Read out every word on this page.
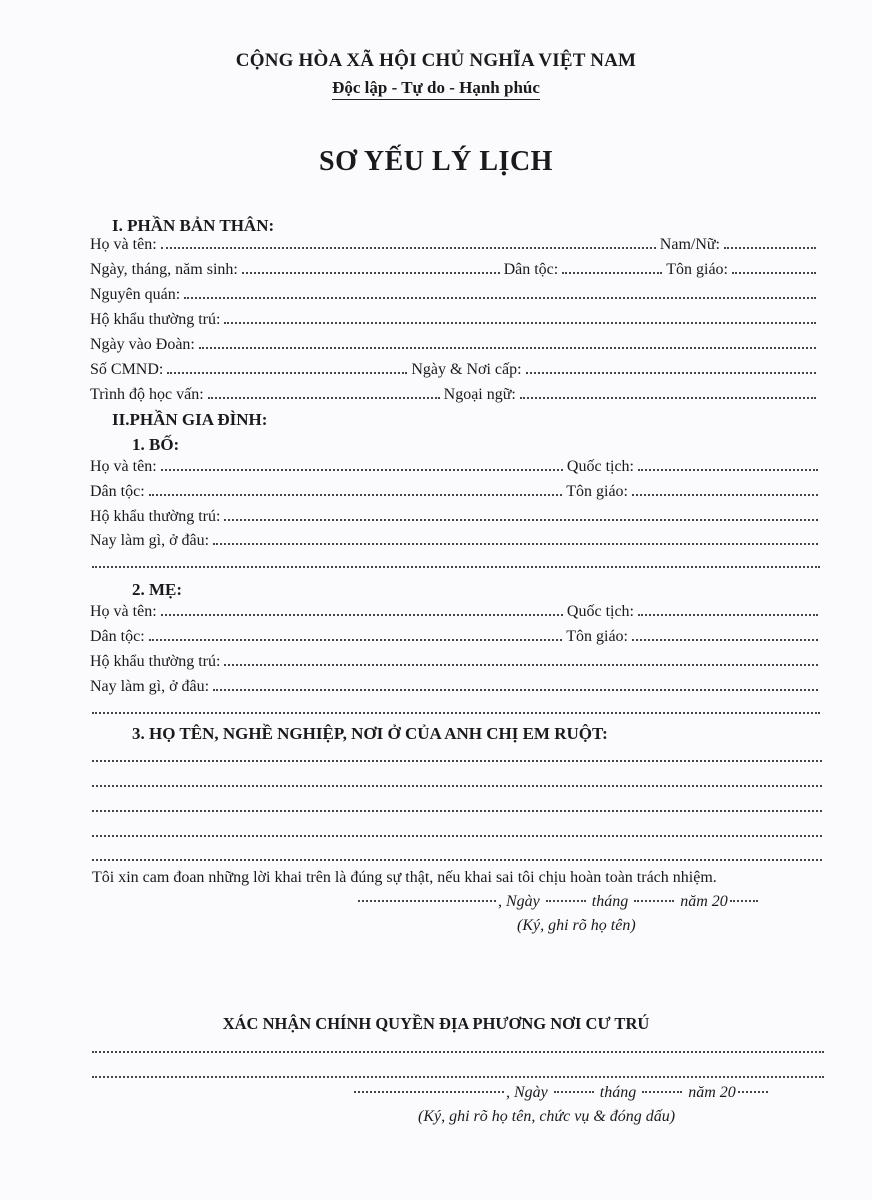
CỘNG HÒA XÃ HỘI CHỦ NGHĨA VIỆT NAM
Độc lập - Tự do - Hạnh phúc
SƠ YẾU LÝ LỊCH
I. PHẦN BẢN THÂN:
Họ và tên:	Nam/Nữ:
Ngày, tháng, năm sinh:	Dân tộc:	Tôn giáo:
Nguyên quán:
Hộ khẩu thường trú:
Ngày vào Đoàn:
Số CMND:	Ngày & Nơi cấp:
Trình độ học vấn:	Ngoại ngữ:
II.PHẦN GIA ĐÌNH:
1. BỐ:
Họ và tên:	Quốc tịch:
Dân tộc:	Tôn giáo:
Hộ khẩu thường trú:
Nay làm gì, ở đâu:
2. MẸ:
Họ và tên:	Quốc tịch:
Dân tộc:	Tôn giáo:
Hộ khẩu thường trú:
Nay làm gì, ở đâu:
3. HỌ TÊN, NGHỀ NGHIỆP, NƠI Ở CỦA ANH CHỊ EM RUỘT:
Tôi xin cam đoan những lời khai trên là đúng sự thật, nếu khai sai tôi chịu hoàn toàn trách nhiệm.
, Ngày	tháng	năm 20
(Ký, ghi rõ họ tên)
XÁC NHẬN CHÍNH QUYỀN ĐỊA PHƯƠNG NƠI CƯ TRÚ
, Ngày	tháng	năm 20
(Ký, ghi rõ họ tên, chức vụ & đóng dấu)
